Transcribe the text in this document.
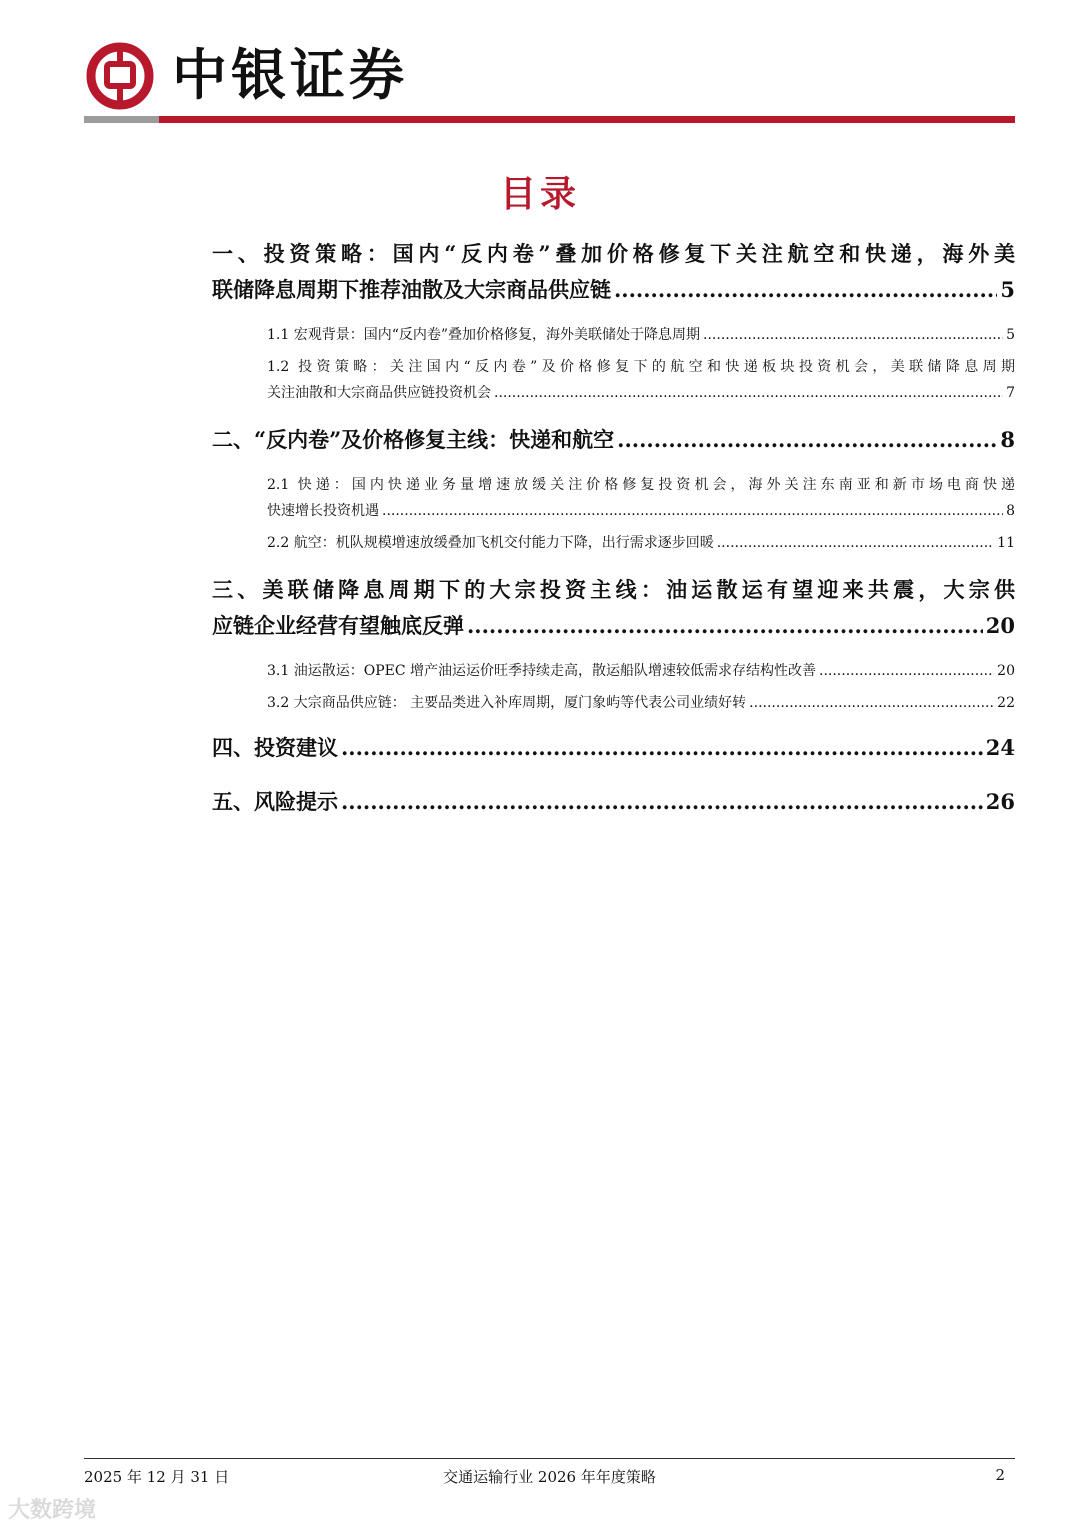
中银证券
目录
一、投资策略：国内“反内卷”叠加价格修复下关注航空和快递，海外美
联储降息周期下推荐油散及大宗商品供应链 .....	5
1.1 宏观背景：国内“反内卷”叠加价格修复，海外美联储处于降息周期 .....	5
1.2 投资策略：关注国内“反内卷”及价格修复下的航空和快递板块投资机会，美联储降息周期
关注油散和大宗商品供应链投资机会 .....	7
二、“反内卷”及价格修复主线：快递和航空 .....	8
2.1 快递：国内快递业务量增速放缓关注价格修复投资机会，海外关注东南亚和新市场电商快递
快速增长投资机遇 .....	8
2.2 航空：机队规模增速放缓叠加飞机交付能力下降，出行需求逐步回暖 .....	11
三、美联储降息周期下的大宗投资主线：油运散运有望迎来共震，大宗供
应链企业经营有望触底反弹 .....	20
3.1 油运散运：OPEC 增产油运运价旺季持续走高，散运船队增速较低需求存结构性改善 .....	20
3.2 大宗商品供应链： 主要品类进入补库周期，厦门象屿等代表公司业绩好转 .....	22
四、投资建议 .....	24
五、风险提示 .....	26
2025 年 12 月 31 日	交通运输行业 2026 年年度策略	2
大数跨境
